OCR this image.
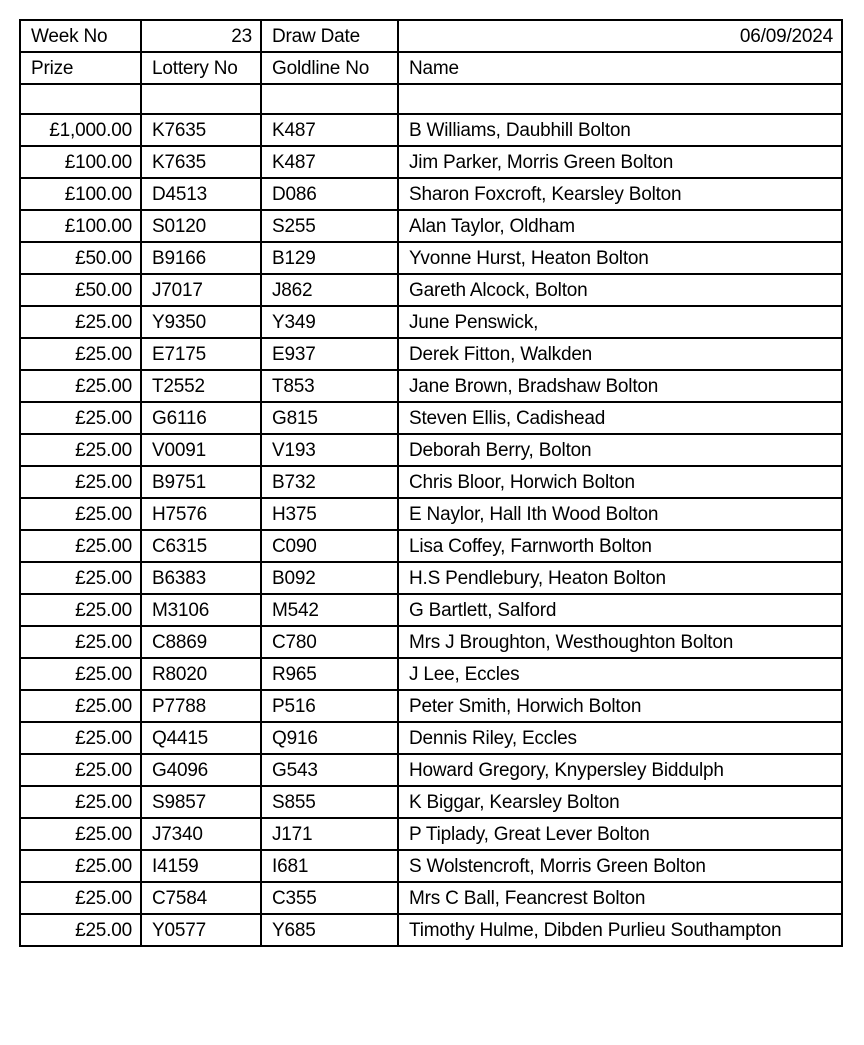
Week No	23	Draw Date	06/09/2024
Prize	Lottery No	Goldline No	Name

£1,000.00	K7635	K487	B Williams, Daubhill Bolton
£100.00	K7635	K487	Jim Parker, Morris Green Bolton
£100.00	D4513	D086	Sharon Foxcroft, Kearsley Bolton
£100.00	S0120	S255	Alan Taylor, Oldham
£50.00	B9166	B129	Yvonne Hurst, Heaton Bolton
£50.00	J7017	J862	Gareth Alcock, Bolton
£25.00	Y9350	Y349	June Penswick,
£25.00	E7175	E937	Derek Fitton, Walkden
£25.00	T2552	T853	Jane Brown, Bradshaw Bolton
£25.00	G6116	G815	Steven Ellis, Cadishead
£25.00	V0091	V193	Deborah Berry, Bolton
£25.00	B9751	B732	Chris Bloor, Horwich Bolton
£25.00	H7576	H375	E Naylor, Hall Ith Wood Bolton
£25.00	C6315	C090	Lisa Coffey, Farnworth Bolton
£25.00	B6383	B092	H.S Pendlebury, Heaton Bolton
£25.00	M3106	M542	G Bartlett, Salford
£25.00	C8869	C780	Mrs J Broughton, Westhoughton Bolton
£25.00	R8020	R965	J Lee, Eccles
£25.00	P7788	P516	Peter Smith, Horwich Bolton
£25.00	Q4415	Q916	Dennis Riley, Eccles
£25.00	G4096	G543	Howard Gregory, Knypersley Biddulph
£25.00	S9857	S855	K Biggar, Kearsley Bolton
£25.00	J7340	J171	P Tiplady, Great Lever Bolton
£25.00	I4159	I681	S Wolstencroft, Morris Green Bolton
£25.00	C7584	C355	Mrs C Ball, Feancrest Bolton
£25.00	Y0577	Y685	Timothy Hulme, Dibden Purlieu Southampton
